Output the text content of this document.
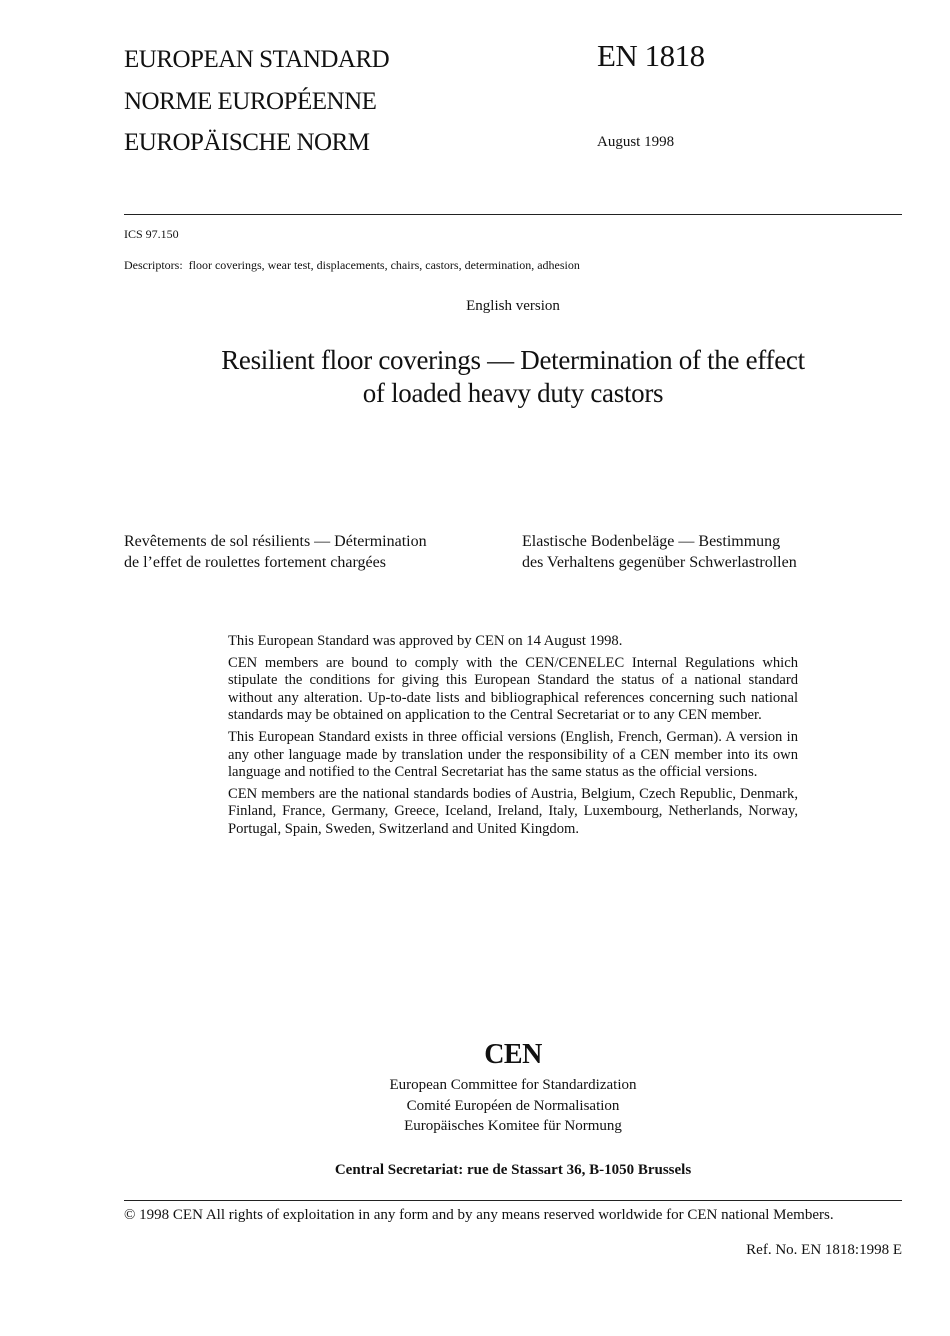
EUROPEAN STANDARD
NORME EUROPÉENNE
EUROPÄISCHE NORM
EN 1818
August 1998
ICS 97.150
Descriptors: floor coverings, wear test, displacements, chairs, castors, determination, adhesion
English version
Resilient floor coverings — Determination of the effect
of loaded heavy duty castors
Revêtements de sol résilients — Détermination
de l’effet de roulettes fortement chargées
Elastische Bodenbeläge — Bestimmung
des Verhaltens gegenüber Schwerlastrollen

This European Standard was approved by CEN on 14 August 1998.

CEN members are bound to comply with the CEN/CENELEC Internal Regulations which stipulate the conditions for giving this European Standard the status of a national standard without any alteration. Up-to-date lists and bibliographical references concerning such national standards may be obtained on application to the Central Secretariat or to any CEN member.

This European Standard exists in three official versions (English, French, German). A version in any other language made by translation under the responsibility of a CEN member into its own language and notified to the Central Secretariat has the same status as the official versions.

CEN members are the national standards bodies of Austria, Belgium, Czech Republic, Denmark, Finland, France, Germany, Greece, Iceland, Ireland, Italy, Luxembourg, Netherlands, Norway, Portugal, Spain, Sweden, Switzerland and United Kingdom.

CEN
European Committee for Standardization
Comité Européen de Normalisation
Europäisches Komitee für Normung
Central Secretariat: rue de Stassart 36, B-1050 Brussels
© 1998 CEN All rights of exploitation in any form and by any means reserved worldwide for CEN national Members.
Ref. No. EN 1818:1998 E
